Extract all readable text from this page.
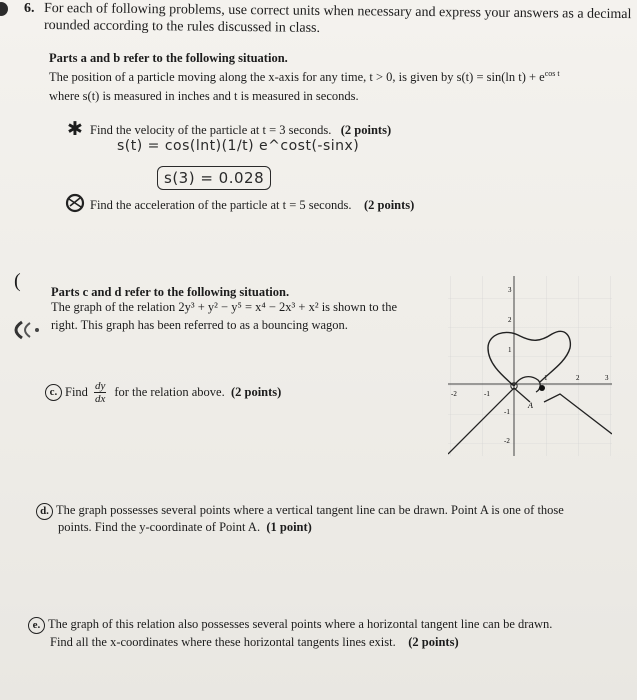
6. For each of following problems, use correct units when necessary and express your answers as a decimal
rounded according to the rules discussed in class.
Parts a and b refer to the following situation.
The position of a particle moving along the x-axis for any time, t > 0, is given by s(t) = sin(ln $t) + e^{cos t}$
where s(t) is measured in inches and t is measured in seconds.
✱ Find the velocity of the particle at t = 3 seconds. (2 points)
s(t) = cos(lnt)(1/t) e^cost(-sinx)
s(3) = 0.028
Find the acceleration of the particle at t = 5 seconds. (2 points)
( Parts c and d refer to the following situation.
The graph of the relation 2y³ + y² − y⁵ = x⁴ − 2x³ + x² is shown to the
right. This graph has been referred to as a bouncing wagon.
c. Find dy
dx for the relation above.
(2 points)	-2	-1
1	2	3
3
2
1
-1
-2
A
d. The graph possesses several points where a vertical tangent line can be drawn. Point A is one of those
points. Find the y-coordinate of Point A. (1 point)
e. The graph of this relation also possesses several points where a horizontal tangent line can be drawn.
Find all the x-coordinates where these horizontal tangents lines exist. (2 points)
